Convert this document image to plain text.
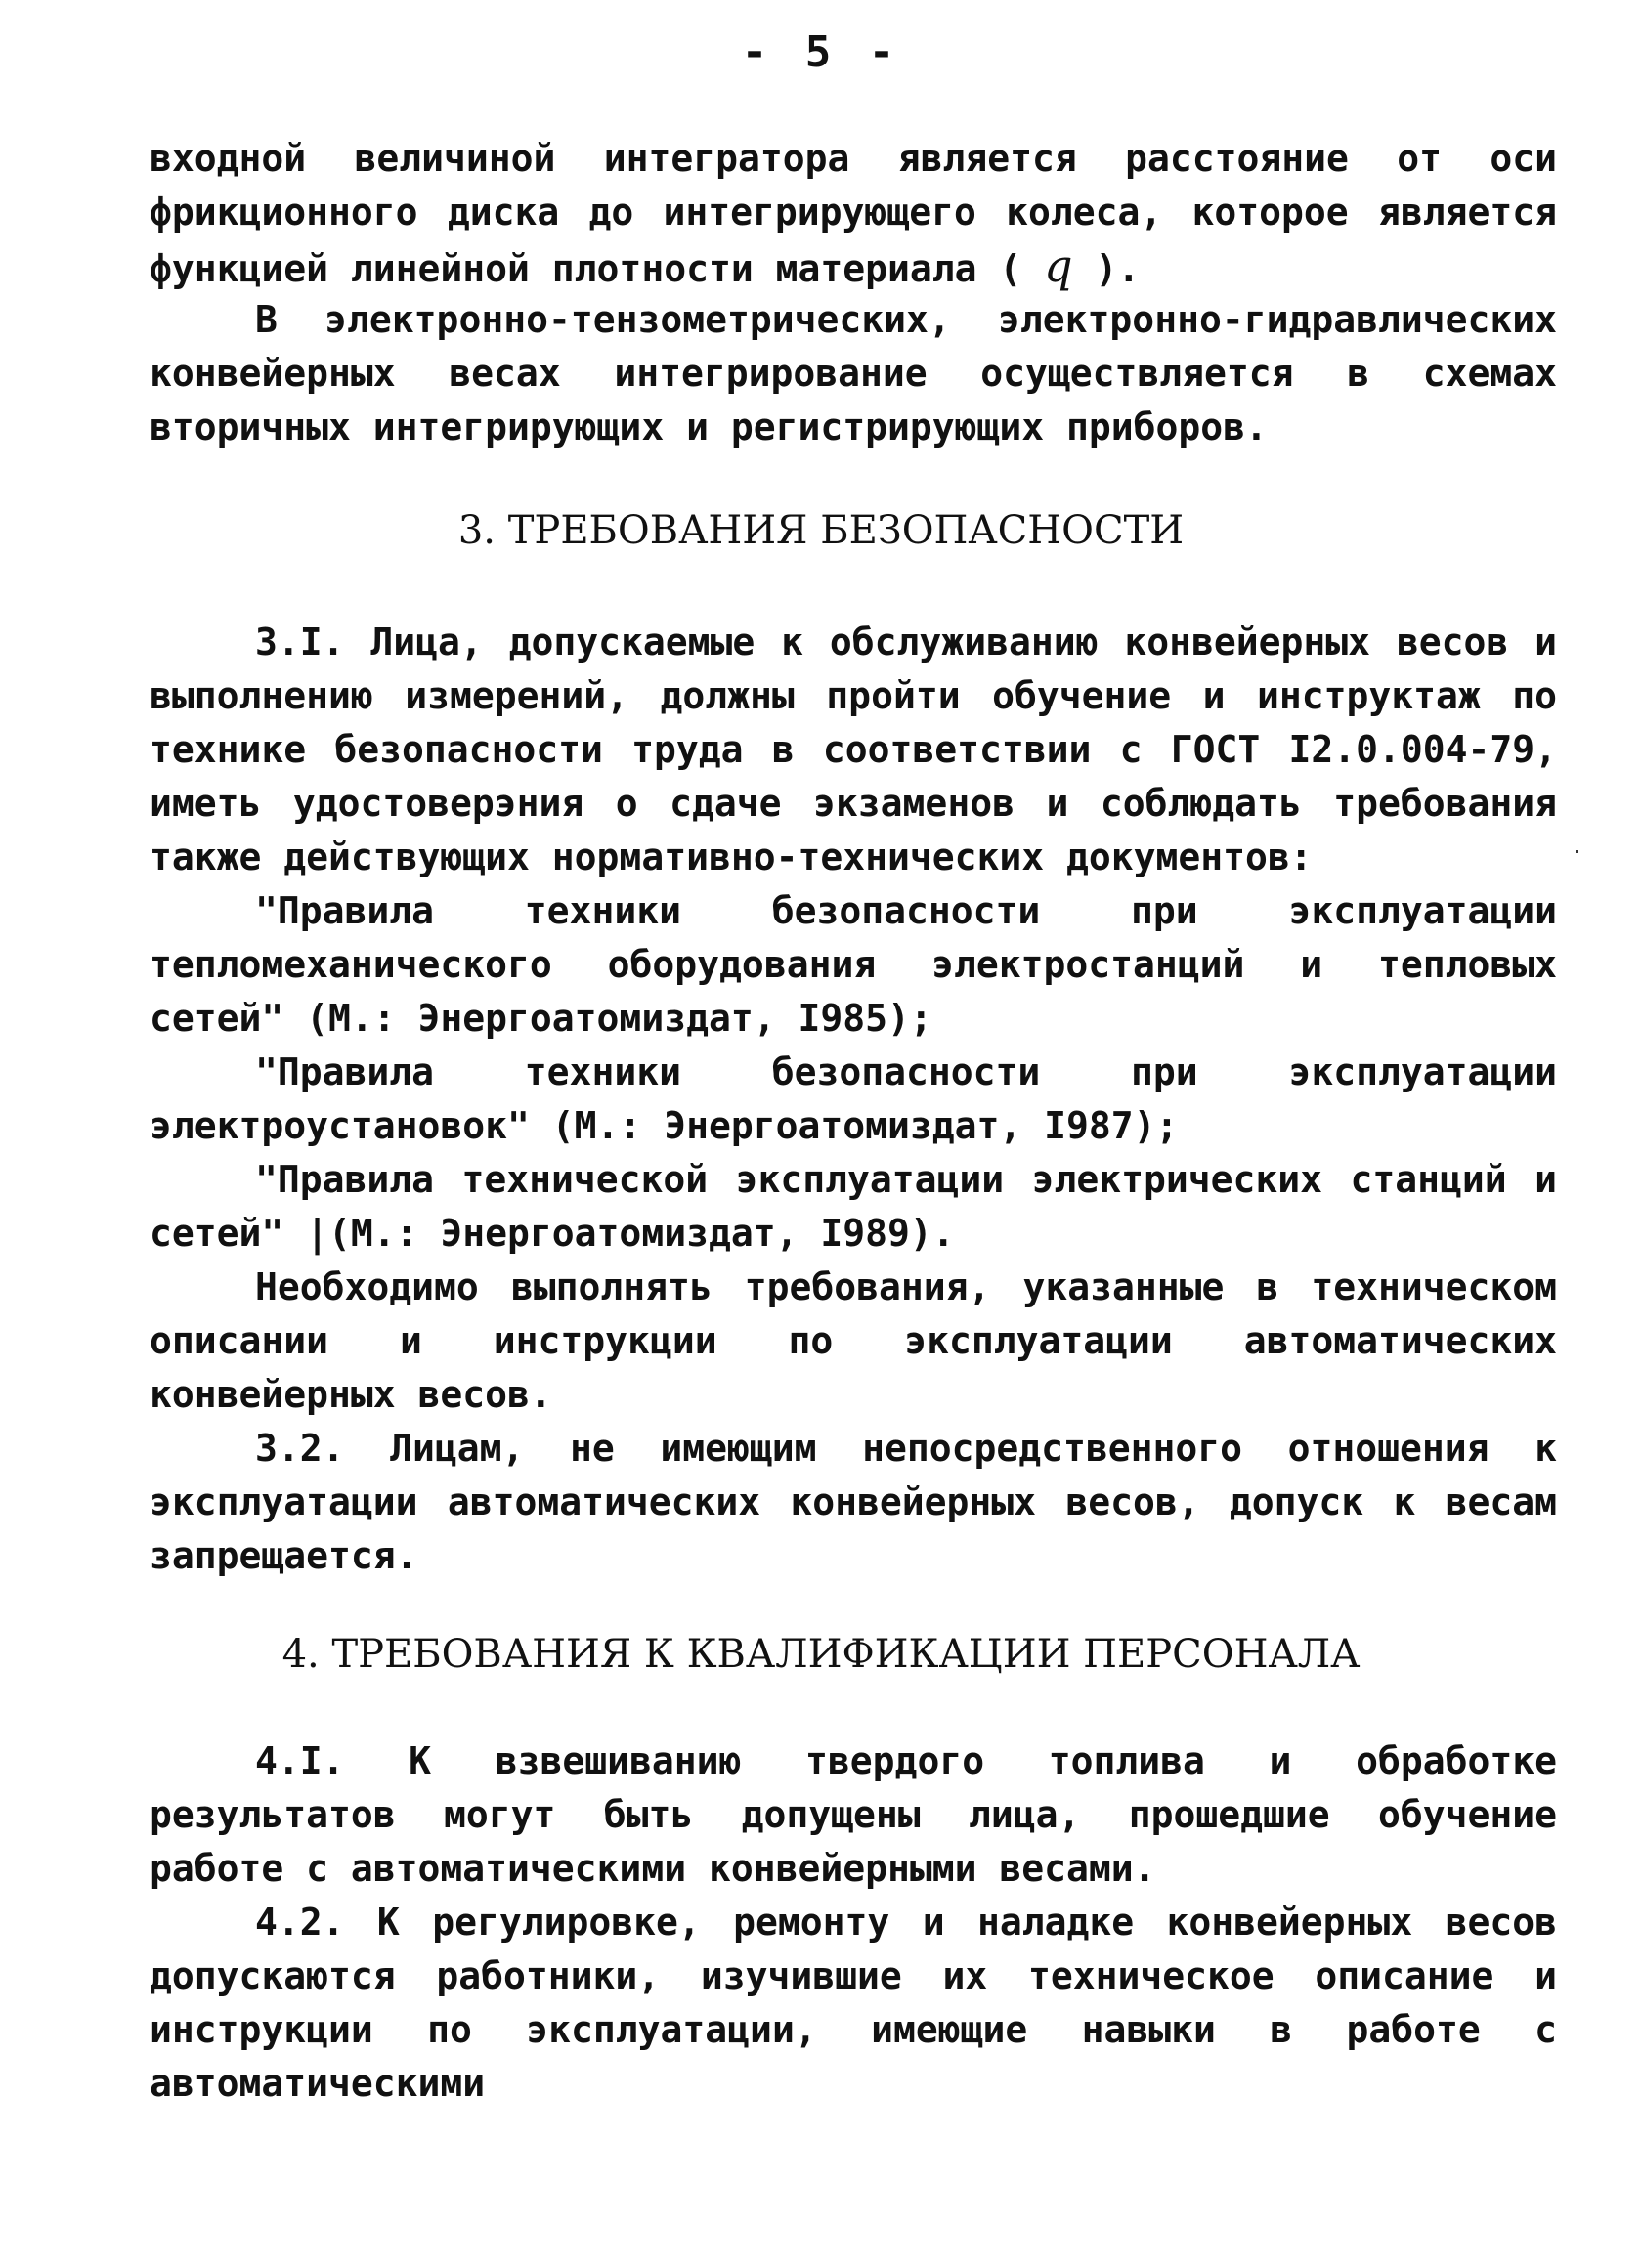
- 5 -

входной величиной интегратора является расстояние от оси фрикционного диска до интегрирующего колеса, которое является функцией линейной плотности материала ( q ).

В электронно-тензометрических, электронно-гидравлических конвейерных весах интегрирование осуществляется в схемах вторичных интегрирующих и регистрирующих приборов.

3. ТРЕБОВАНИЯ БЕЗОПАСНОСТИ

3.I. Лица, допускаемые к обслуживанию конвейерных весов и выполнению измерений, должны пройти обучение и инструктаж по технике безопасности труда в соответствии с ГОСТ I2.0.004-79, иметь удостоверэния о сдаче экзаменов и соблюдать требования также действующих нормативно-технических документов:

"Правила техники безопасности при эксплуатации тепломеханического оборудования электростанций и тепловых сетей" (М.: Энергоатомиздат, I985);

"Правила техники безопасности при эксплуатации электроустановок" (М.: Энергоатомиздат, I987);

"Правила технической эксплуатации электрических станций и сетей" |(М.: Энергоатомиздат, I989).

Необходимо выполнять требования, указанные в техническом описании и инструкции по эксплуатации автоматических конвейерных весов.

3.2. Лицам, не имеющим непосредственного отношения к эксплуатации автоматических конвейерных весов, допуск к весам запрещается.

4. ТРЕБОВАНИЯ К КВАЛИФИКАЦИИ ПЕРСОНАЛА

4.I. К взвешиванию твердого топлива и обработке результатов могут быть допущены лица, прошедшие обучение работе с автоматическими конвейерными весами.

4.2. К регулировке, ремонту и наладке конвейерных весов допускаются работники, изучившие их техническое описание и инструкции по эксплуатации, имеющие навыки в работе с автоматическими
